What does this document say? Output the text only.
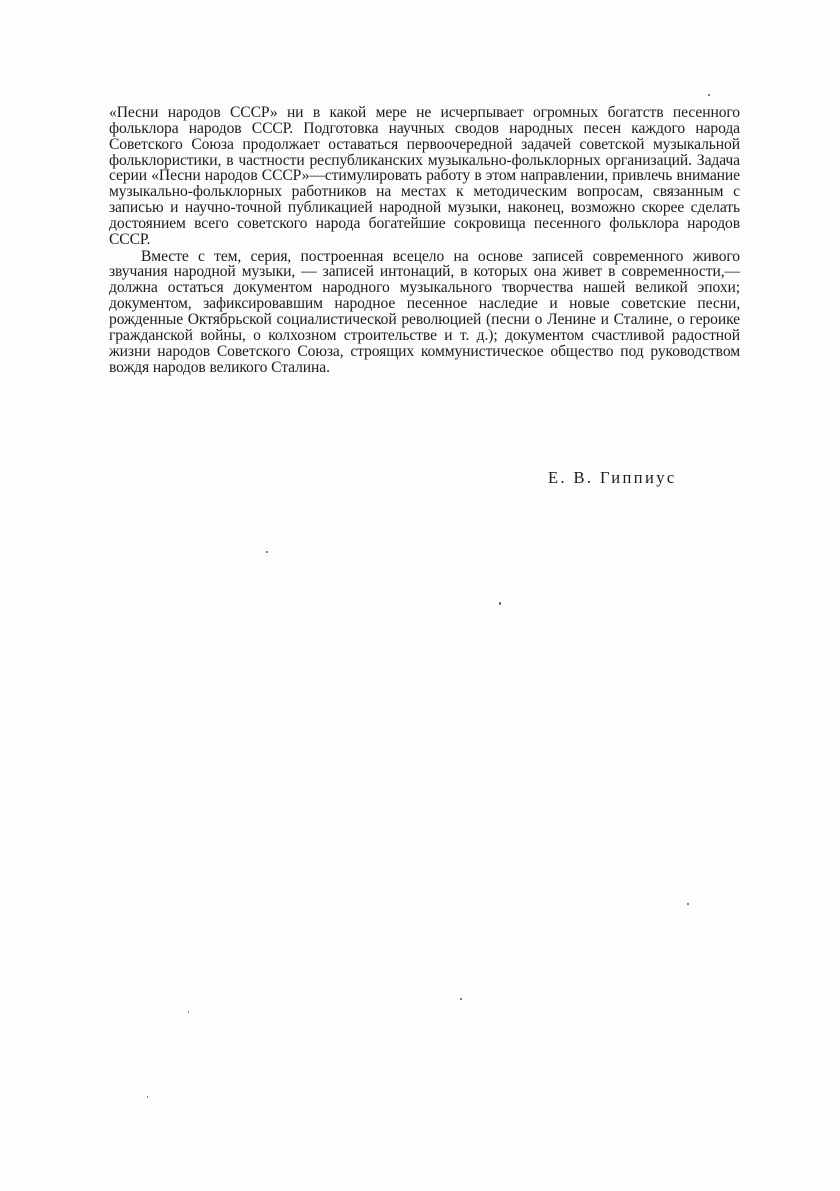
«Песни народов СССР» ни в какой мере не исчерпывает огромных богатств песенного фольклора народов СССР. Подготовка научных сводов народных песен каждого народа Советского Союза продолжает оставаться первоочередной задачей советской музыкальной фольклористики, в частности республиканских музыкально-фольклорных организаций. Задача серии «Песни народов СССР»—стимулировать работу в этом направлении, привлечь внимание музыкально-фольклорных работников на местах к методическим вопросам, связанным с записью и научно-точной публикацией народной музыки, наконец, возможно скорее сделать достоянием всего советского народа богатейшие сокровища песенного фольклора народов СССР.

Вместе с тем, серия, построенная всецело на основе записей современного живого звучания народной музыки, — записей интонаций, в которых она живет в современности,—должна остаться документом народного музыкального творчества нашей великой эпохи; документом, зафиксировавшим народное песенное наследие и новые советские песни, рожденные Октябрьской социалистической революцией (песни о Ленине и Сталине, о героике гражданской войны, о колхозном строительстве и т. д.); документом счастливой радостной жизни народов Советского Союза, строящих коммунистическое общество под руководством вождя народов великого Сталина.

Е. В. Гиппиус
